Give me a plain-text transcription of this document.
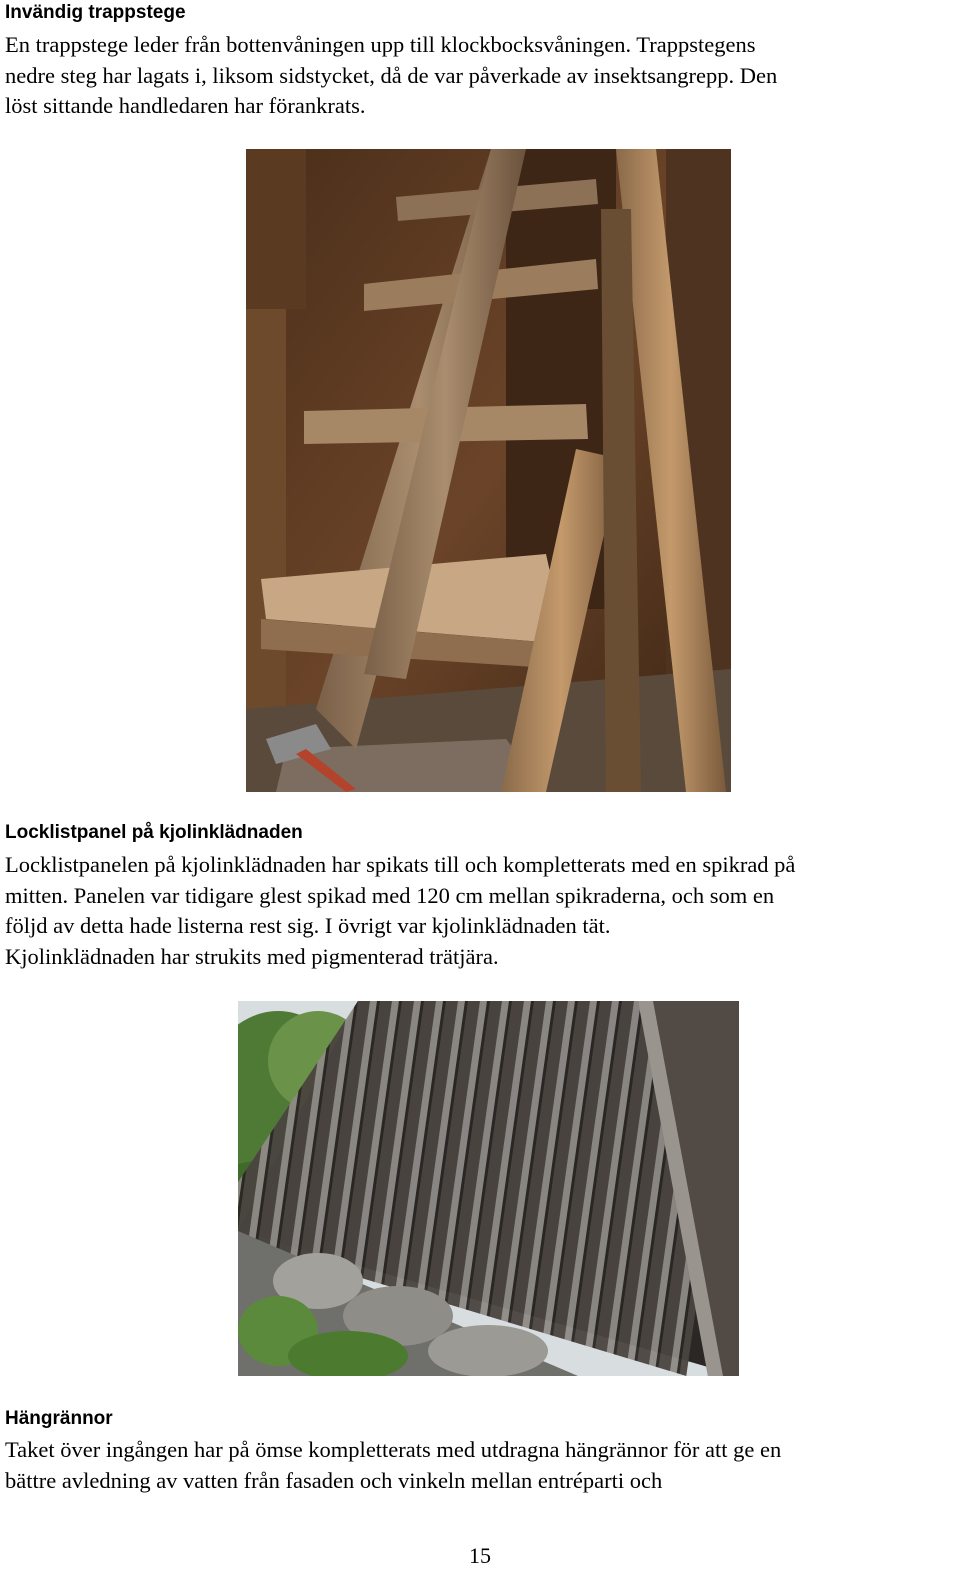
Invändig trappstege
En trappstege leder från bottenvåningen upp till klockbocksvåningen. Trappstegens
nedre steg har lagats i, liksom sidstycket, då de var påverkade av insektsangrepp. Den
löst sittande handledaren har förankrats.
Locklistpanel på kjolinklädnaden
Locklistpanelen på kjolinklädnaden har spikats till och kompletterats med en spikrad på
mitten. Panelen var tidigare glest spikad med 120 cm mellan spikraderna, och som en
följd av detta hade listerna rest sig. I övrigt var kjolinklädnaden tät.
Kjolinklädnaden har strukits med pigmenterad trätjära.
Hängrännor
Taket över ingången har på ömse kompletterats med utdragna hängrännor för att ge en
bättre avledning av vatten från fasaden och vinkeln mellan entréparti och
15
